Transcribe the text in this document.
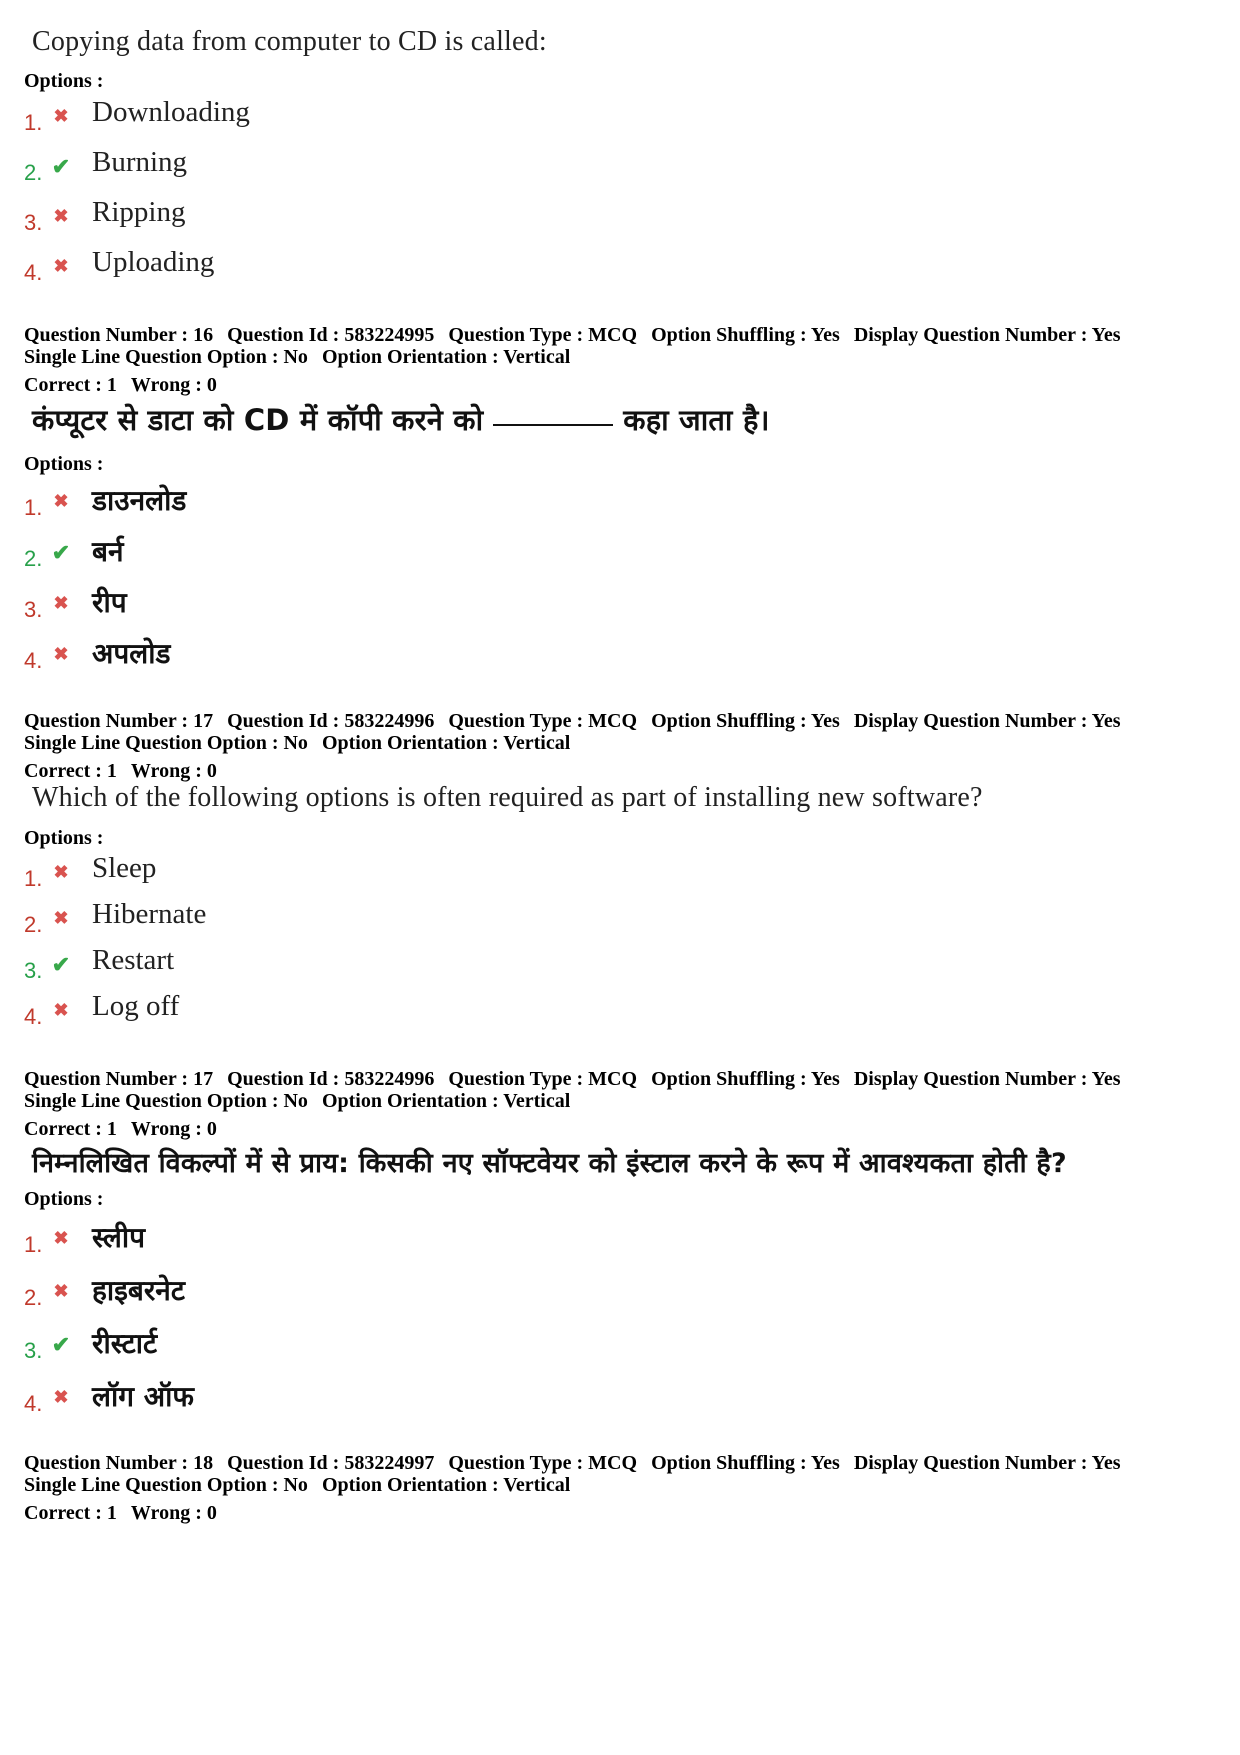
Copying data from computer to CD is called:

Options :

1. ✖ Downloading
2. ✔ Burning
3. ✖ Ripping
4. ✖ Uploading
Question Number : 16 Question Id : 583224995 Question Type : MCQ Option Shuffling : Yes Display Question Number : Yes
Single Line Question Option : No Option Orientation : Vertical
Correct : 1 Wrong : 0

कंप्यूटर से डाटा को CD में कॉपी करने को	कहा जाता है।

Options :

1. ✖ डाउनलोड
2. ✔ बर्न
3. ✖ रीप
4. ✖ अपलोड
Question Number : 17 Question Id : 583224996 Question Type : MCQ Option Shuffling : Yes Display Question Number : Yes
Single Line Question Option : No Option Orientation : Vertical
Correct : 1 Wrong : 0

Which of the following options is often required as part of installing new software?

Options :

1. ✖ Sleep
2. ✖ Hibernate
3. ✔ Restart
4. ✖ Log off
Question Number : 17 Question Id : 583224996 Question Type : MCQ Option Shuffling : Yes Display Question Number : Yes
Single Line Question Option : No Option Orientation : Vertical
Correct : 1 Wrong : 0

निम्नलिखित विकल्पों में से प्राय: किसकी नए सॉफ्टवेयर को इंस्टाल करने के रूप में आवश्यकता होती है?

Options :

1. ✖ स्लीप
2. ✖ हाइबरनेट
3. ✔ रीस्टार्ट
4. ✖ लॉग ऑफ
Question Number : 18 Question Id : 583224997 Question Type : MCQ Option Shuffling : Yes Display Question Number : Yes
Single Line Question Option : No Option Orientation : Vertical
Correct : 1 Wrong : 0
